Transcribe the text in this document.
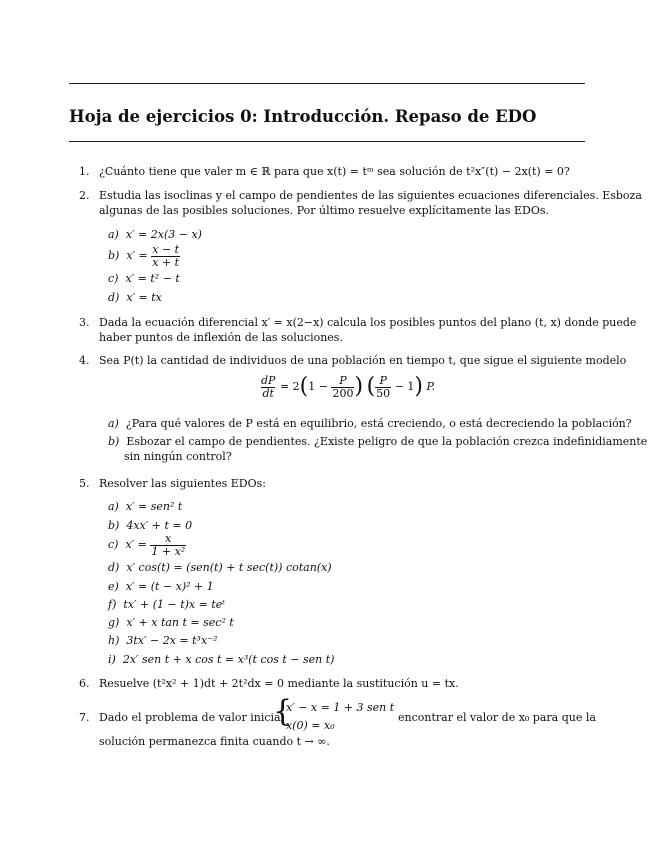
Hoja de ejercicios 0: Introducción. Repaso de EDO
1. ¿Cuánto tiene que valer m ∈ ℝ para que x(t) = tᵐ sea solución de t²x″(t) − 2x(t) = 0?
2. Estudia las isoclinas y el campo de pendientes de las siguientes ecuaciones diferenciales. Esboza
algunas de las posibles soluciones. Por último resuelve explícitamente las EDOs.
a) x′ = 2x(3 − x)
b) $x' = \frac{x - t}{x + t}$
c) x′ = t² − t
d) x′ = tx
3. Dada la ecuación diferencial x′ = x(2−x) calcula los posibles puntos del plano (t, x) donde puede
haber puntos de inflexión de las soluciones.
4. Sea P(t) la cantidad de individuos de una población en tiempo t, que sigue el siguiente modelo
$\frac{dP}{dt} = 2(1 - \frac{P}{200}$ ) ( $\frac{P}{50} - 1$) P.
a) ¿Para qué valores de P está en equilibrio, está creciendo, o está decreciendo la población?
b) Esbozar el campo de pendientes. ¿Existe peligro de que la población crezca indefinidiamente
sin ningún control?
5. Resolver las siguientes EDOs:
a) x′ = sen² t
b) 4xx′ + t = 0
c) $x' = \frac{x}{\text{1 + x²}}$
d) x′ cos(t) = (sen(t) + t sec(t)) cotan(x)
e) x′ = (t − x)² + 1
f) tx′ + (1 − t)x = teᵗ
g) x′ + x tan t = sec² t
h) 3tx′ − 2x = t³x⁻²
i) 2x′ sen t + x cos t = x³(t cos t − sen t)
6. Resuelve (t²x² + 1)dt + 2t²dx = 0 mediante la sustitución u = tx.
7. Dado el problema de valor inicial
{
x′ − x = 1 + 3 sen t
x(0) = x₀
encontrar el valor de x₀ para que la
solución permanezca finita cuando t → ∞.
